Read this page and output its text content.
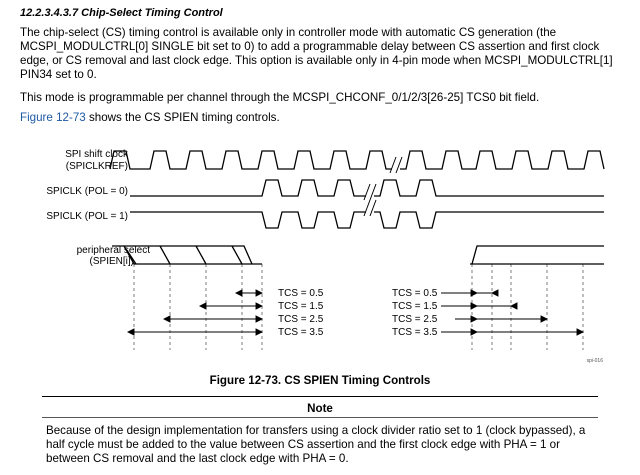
12.2.3.4.3.7 Chip-Select Timing Control

The chip-select (CS) timing control is available only in controller mode with automatic CS generation (the MCSPI_MODULCTRL[0] SINGLE bit set to 0) to add a programmable delay between CS assertion and first clock edge, or CS removal and last clock edge. This option is available only in 4-pin mode when MCSPI_MODULCTRL[1] PIN34 set to 0.

This mode is programmable per channel through the MCSPI_CHCONF_0/1/2/3[26-25] TCS0 bit field.

Figure 12-73 shows the CS SPIEN timing controls.

SPI shift clock
(SPICLKREF)
SPICLK (POL = 0)
SPICLK (POL = 1)
peripheral select
(SPIEN[i])
TCS = 0.5
TCS = 1.5
TCS = 2.5
TCS = 3.5
TCS = 0.5
TCS = 1.5
TCS = 2.5
TCS = 3.5
spi-016
Figure 12-73. CS SPIEN Timing Controls
Note

Because of the design implementation for transfers using a clock divider ratio set to 1 (clock bypassed), a half cycle must be added to the value between CS assertion and the first clock edge with PHA = 1 or between CS removal and the last clock edge with PHA = 0.
